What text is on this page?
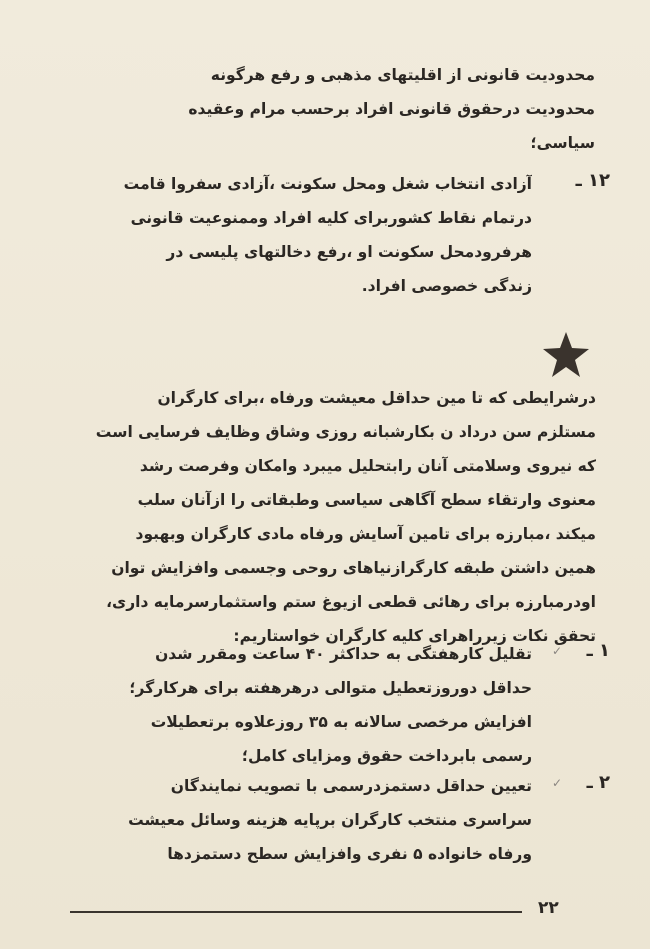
محدودیت قانونی از اقلیتهای مذهبی و رفع هرگونه
محدودیت درحقوق قانونی افراد برحسب مرام وعقیده
سیاسی؛
۱۲ ـ
آزادی انتخاب شغل ومحل سکونت ،آزادی سفروا قامت
درتمام نقاط کشوربرای کلیه افراد وممنوعیت قانونی
هرفرودمحل سکونت او ،رفع دخالتهای پلیسی در
زندگی خصوصی افراد.
درشرایطی که تا مین حداقل معیشت ورفاه ،برای کارگران
مستلزم سن درداد ن بکارشبانه روزی وشاق وظایف فرسایی است
که نیروی وسلامتی آنان رابتحلیل میبرد وامکان وفرصت رشد
معنوی وارتقاء سطح آگاهی سیاسی وطبقاتی را ازآنان سلب
میکند ،مبارزه برای تامین آسایش ورفاه مادی کارگران وبهبود
همین داشتن طبقه کارگرازنیاهای روحی وجسمی وافزایش توان
اودرمبارزه برای رهائی قطعی ازیوغ ستم واستثمارسرمایه داری،
تحقق نکات زیرراهرای کلیه کارگران خواستاریم:
✓ ۱ ـ
تقلیل کارهفتگی به حداکثر ۴۰ ساعت ومقرر شدن
حداقل دوروزتعطیل متوالی درهرهفته برای هرکارگر؛
افزایش مرخصی سالانه به ۳۵ روزعلاوه برتعطیلات
رسمی بابرداخت حقوق ومزایای کامل؛
✓ ۲ ـ
تعیین حداقل دستمزدرسمی با تصویب نمایندگان
سراسری منتخب کارگران برپایه هزینه وسائل معیشت
ورفاه خانواده ۵ نفری وافزایش سطح دستمزدها
۲۲
